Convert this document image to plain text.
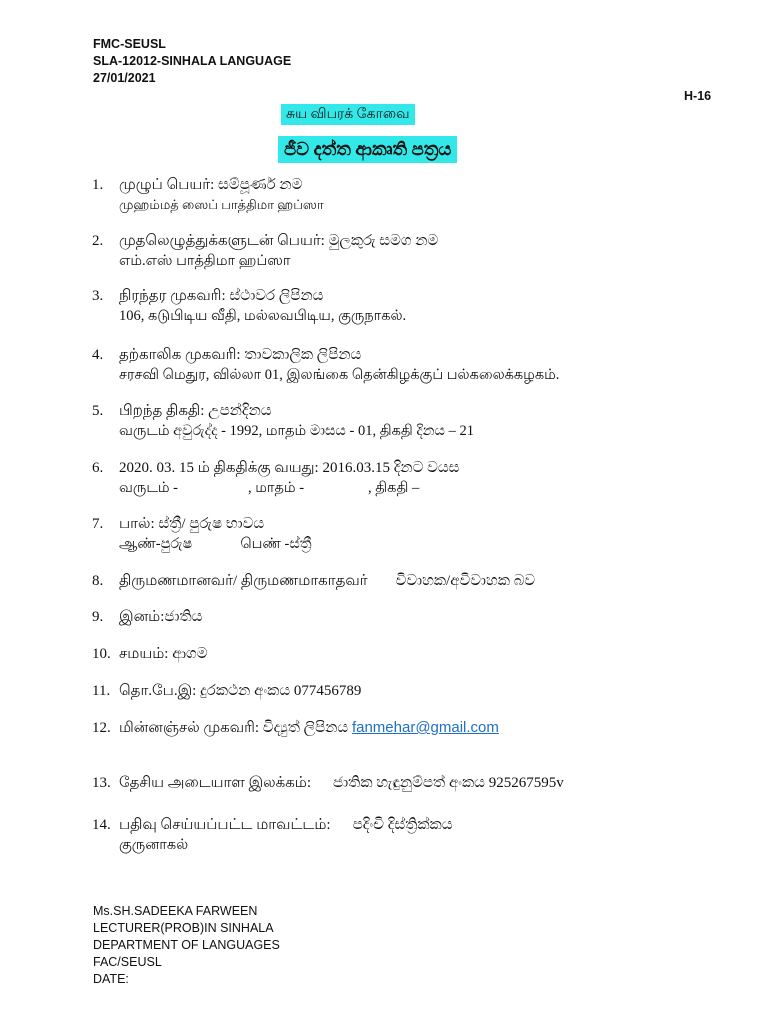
FMC-SEUSL
SLA-12012-SINHALA LANGUAGE
27/01/2021
H-16
சுய விபரக் கோவை
ජීව දත්ත ආකෘති පත්‍රය
1.	முழுப் பெயர்: සම්පූර්ණ නම
முஹம்மத் ஸைப் பாத்திமா ஹப்ஸா
2.	முதலெழுத்துக்களுடன் பெயர்: මුලකුරු සමග නම
எம்.எஸ் பாத்திமா ஹப்ஸா
3.	நிரந்தர முகவரி: ස්ථාවර ලිපිනය
106, கடுபிடிய வீதி, மல்லவபிடிய, குருநாகல்.
4.	தற்காலிக முகவரி: තාවකාලික ලිපිනය
சரசவி மெதுர, வில்லா 01, இலங்கை தென்கிழக்குப் பல்கலைக்கழகம்.
5.	பிறந்த திகதி: උපන්දිනය
வருடம் අවුරුද්ද - 1992, மாதம் මාසය - 01, திகதி දිනය – 21
6.	2020. 03. 15 ம் திகதிக்கு வயது: 2016.03.15 දිනට වයස
வருடம் -	, மாதம் -	, திகதி –
7.	பால்: ස්ත්‍රී/ පුරුෂ භාවය
ஆண்-පුරුෂ	பெண் -ස්ත්‍රී
8.	திருமணமானவர்/ திருமணமாகாதவர் විවාහක/අවිවාහක බව
9.	இனம்:ජාතිය
10. சமயம்: ආගම
11. தொ.பே.இ: දුරකථන අංකය 077456789
12. மின்னஞ்சல் முகவரி: විද්‍යුත් ලිපිනය fanmehar@gmail.com
13. தேசிய அடையாள இலக்கம்: ජාතික හැඳුනුම්පත් අංකය 925267595v
14. பதிவு செய்யப்பட்ட மாவட்டம்: පදිංචි දිස්ත්‍රික්කය
குருனாகல்
Ms.SH.SADEEKA FARWEEN
LECTURER(PROB)IN SINHALA
DEPARTMENT OF LANGUAGES
FAC/SEUSL
DATE:
